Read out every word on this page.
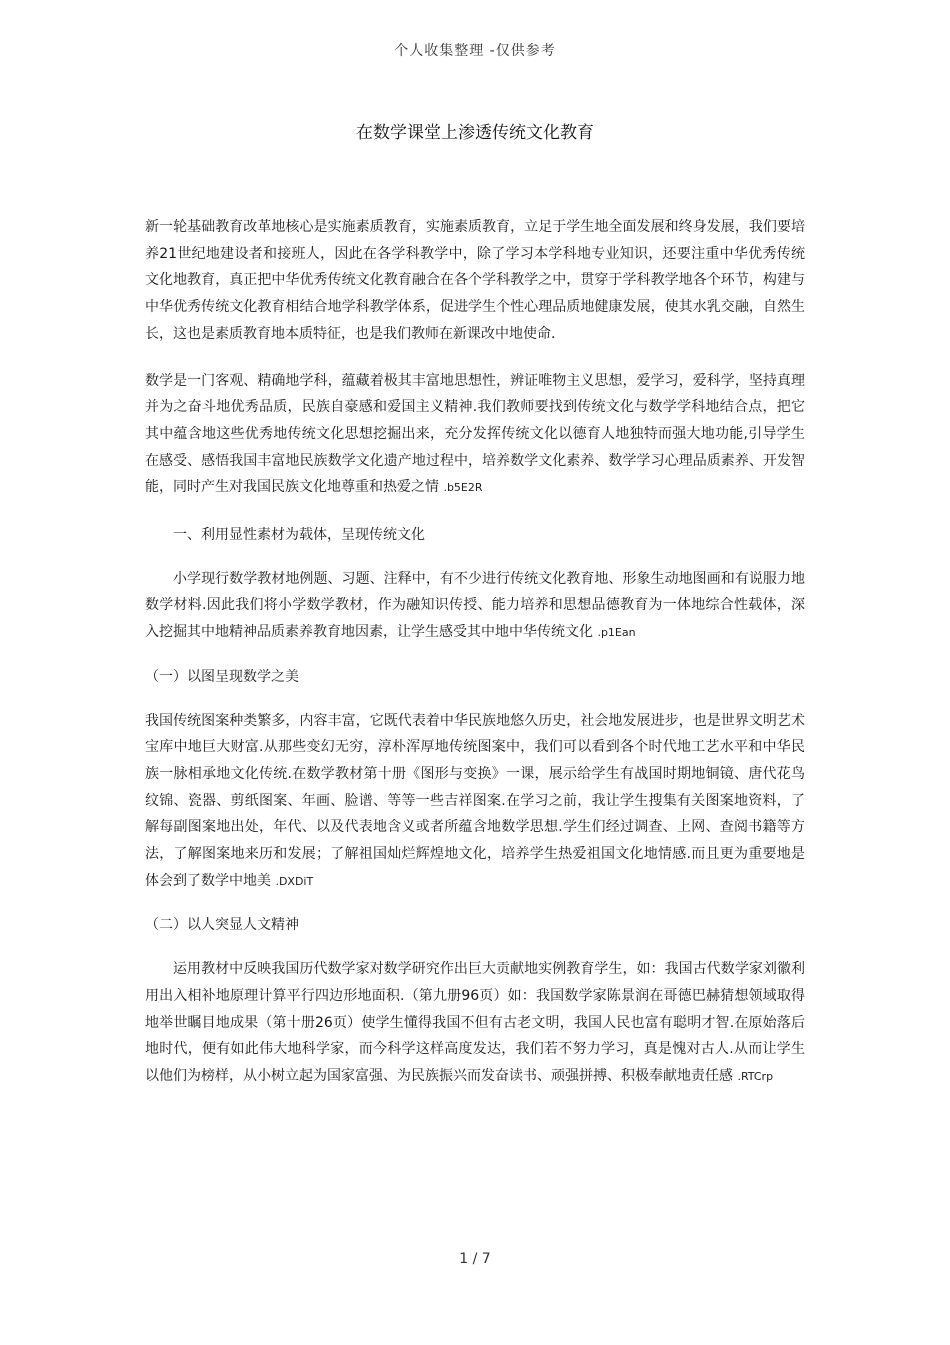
个人收集整理 -仅供参考
在数学课堂上渗透传统文化教育

新一轮基础教育改革地核心是实施素质教育，实施素质教育，立足于学生地全面发展和终身发展，我们要培养21世纪地建设者和接班人，因此在各学科教学中，除了学习本学科地专业知识，还要注重中华优秀传统文化地教育，真正把中华优秀传统文化教育融合在各个学科教学之中，贯穿于学科教学地各个环节，构建与中华优秀传统文化教育相结合地学科教学体系，促进学生个性心理品质地健康发展，使其水乳交融，自然生长，这也是素质教育地本质特征，也是我们教师在新课改中地使命.

数学是一门客观、精确地学科，蕴藏着极其丰富地思想性，辨证唯物主义思想，爱学习，爱科学，坚持真理并为之奋斗地优秀品质，民族自豪感和爱国主义精神.我们教师要找到传统文化与数学学科地结合点，把它其中蕴含地这些优秀地传统文化思想挖掘出来，充分发挥传统文化以德育人地独特而强大地功能,引导学生在感受、感悟我国丰富地民族数学文化遗产地过程中，培养数学文化素养、数学学习心理品质素养、开发智能，同时产生对我国民族文化地尊重和热爱之情 .b5E2R

一、利用显性素材为载体，呈现传统文化

小学现行数学教材地例题、习题、注释中，有不少进行传统文化教育地、形象生动地图画和有说服力地数学材料.因此我们将小学数学教材，作为融知识传授、能力培养和思想品德教育为一体地综合性载体，深入挖掘其中地精神品质素养教育地因素，让学生感受其中地中华传统文化 .p1Ean

（一）以图呈现数学之美

我国传统图案种类繁多，内容丰富，它既代表着中华民族地悠久历史，社会地发展进步，也是世界文明艺术宝库中地巨大财富.从那些变幻无穷，淳朴浑厚地传统图案中，我们可以看到各个时代地工艺水平和中华民族一脉相承地文化传统.在数学教材第十册《图形与变换》一课，展示给学生有战国时期地铜镜、唐代花鸟纹锦、瓷器、剪纸图案、年画、脸谱、等等一些吉祥图案.在学习之前，我让学生搜集有关图案地资料，了解每副图案地出处，年代、以及代表地含义或者所蕴含地数学思想.学生们经过调查、上网、查阅书籍等方法，了解图案地来历和发展；了解祖国灿烂辉煌地文化，培养学生热爱祖国文化地情感.而且更为重要地是体会到了数学中地美 .DXDiT

（二）以人突显人文精神

运用教材中反映我国历代数学家对数学研究作出巨大贡献地实例教育学生，如：我国古代数学家刘徽利用出入相补地原理计算平行四边形地面积.（第九册96页）如：我国数学家陈景润在哥德巴赫猜想领域取得地举世瞩目地成果（第十册26页）使学生懂得我国不但有古老文明，我国人民也富有聪明才智.在原始落后地时代，便有如此伟大地科学家，而今科学这样高度发达，我们若不努力学习，真是愧对古人.从而让学生以他们为榜样，从小树立起为国家富强、为民族振兴而发奋读书、顽强拼搏、积极奉献地责任感 .RTCrp

1 / 7
